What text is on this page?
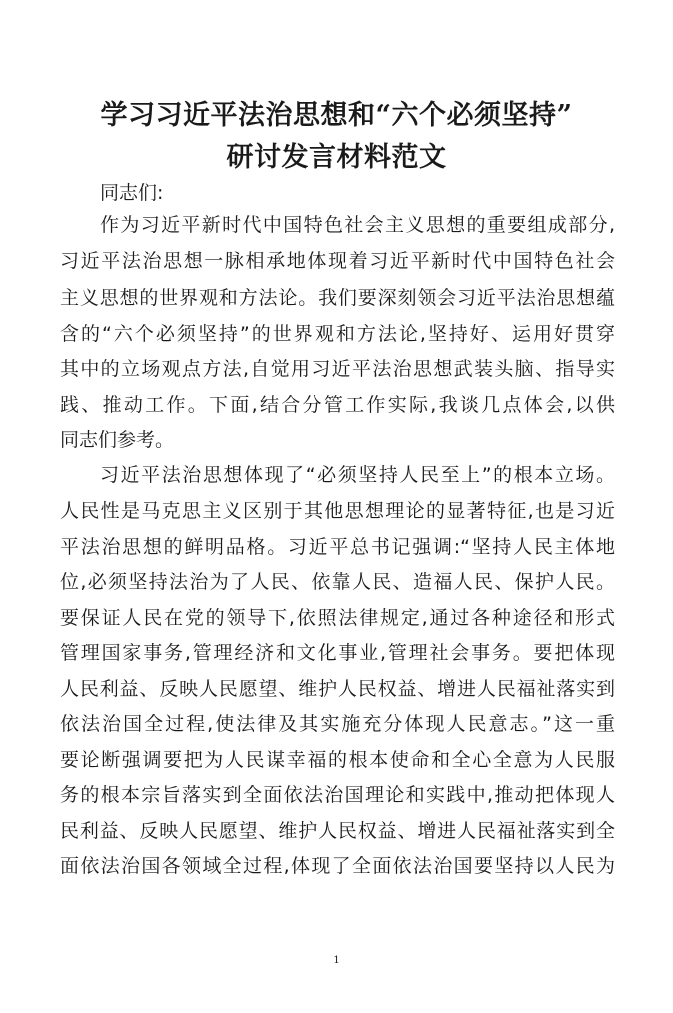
学习习近平法治思想和“六个必须坚持”
研讨发言材料范文
同志们:
作为习近平新时代中国特色社会主义思想的重要组成部分,
习近平法治思想一脉相承地体现着习近平新时代中国特色社会
主义思想的世界观和方法论。我们要深刻领会习近平法治思想蕴
含的“六个必须坚持”的世界观和方法论,坚持好、运用好贯穿
其中的立场观点方法,自觉用习近平法治思想武装头脑、指导实
践、推动工作。下面,结合分管工作实际,我谈几点体会,以供
同志们参考。
习近平法治思想体现了“必须坚持人民至上”的根本立场。
人民性是马克思主义区别于其他思想理论的显著特征,也是习近
平法治思想的鲜明品格。习近平总书记强调:“坚持人民主体地
位,必须坚持法治为了人民、依靠人民、造福人民、保护人民。
要保证人民在党的领导下,依照法律规定,通过各种途径和形式
管理国家事务,管理经济和文化事业,管理社会事务。要把体现
人民利益、反映人民愿望、维护人民权益、增进人民福祉落实到
依法治国全过程,使法律及其实施充分体现人民意志。”这一重
要论断强调要把为人民谋幸福的根本使命和全心全意为人民服
务的根本宗旨落实到全面依法治国理论和实践中,推动把体现人
民利益、反映人民愿望、维护人民权益、增进人民福祉落实到全
面依法治国各领域全过程,体现了全面依法治国要坚持以人民为
1
